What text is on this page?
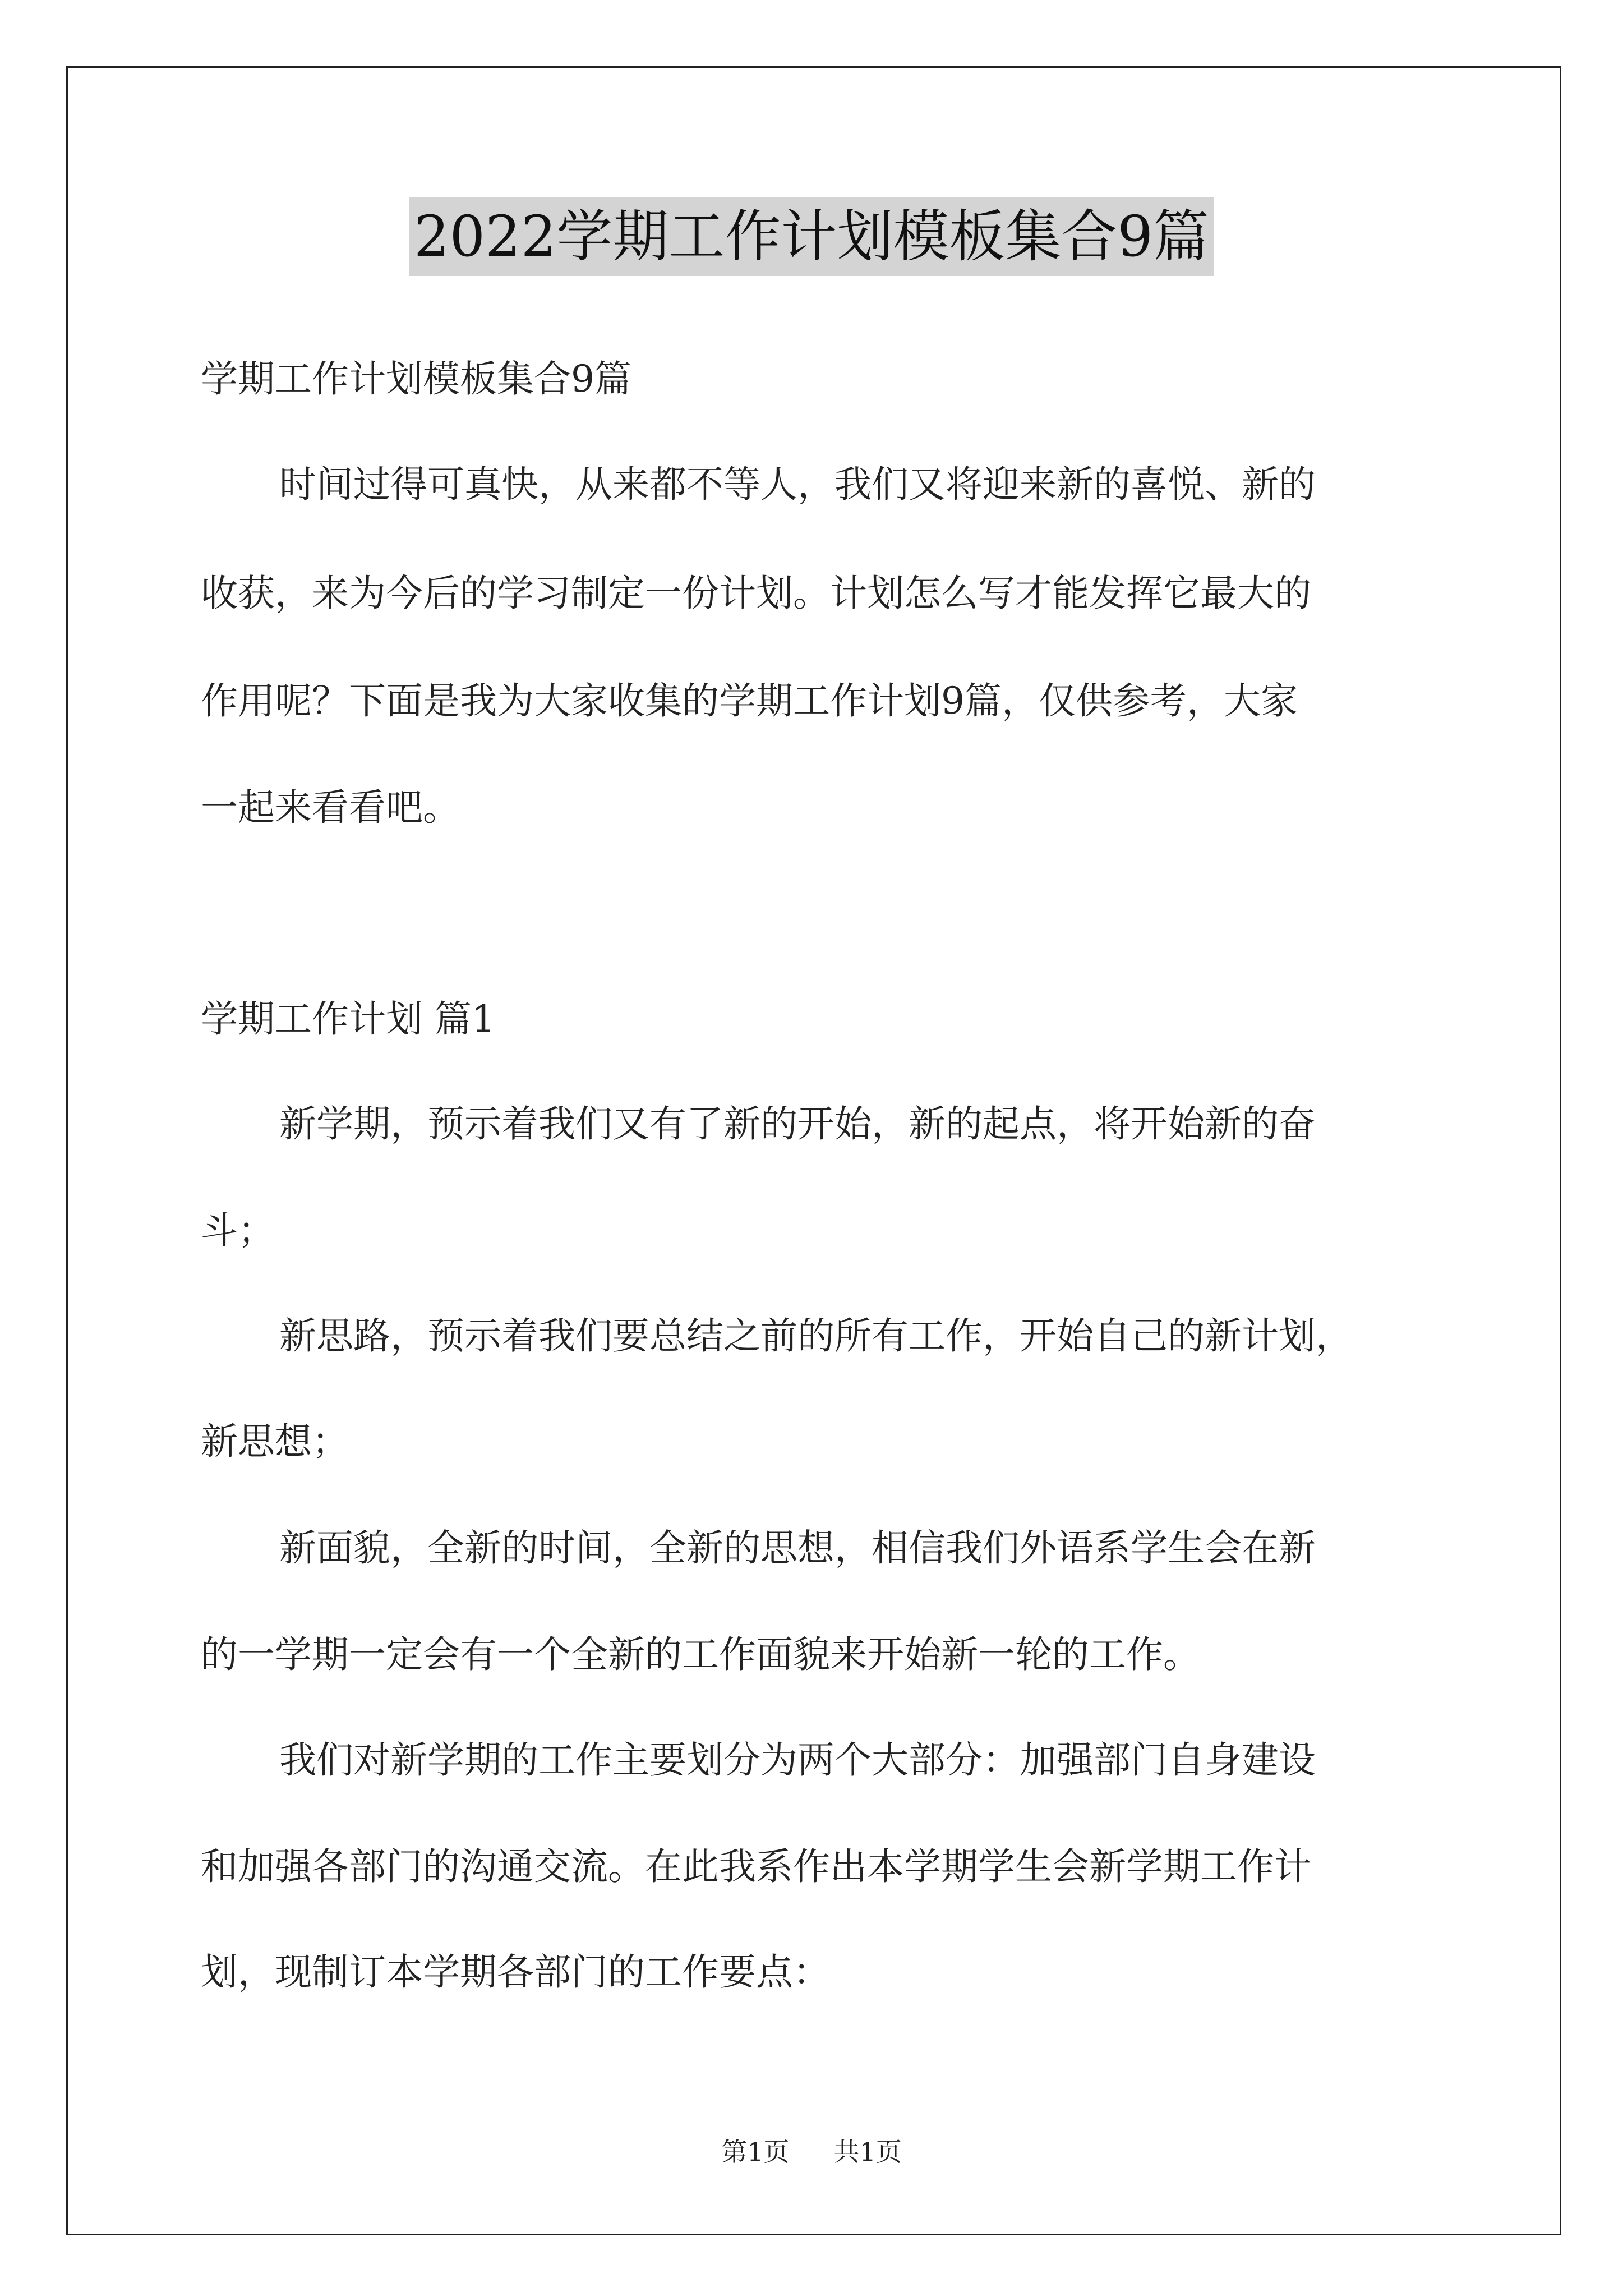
2022学期工作计划模板集合9篇
学期工作计划模板集合9篇
时间过得可真快，从来都不等人，我们又将迎来新的喜悦、新的
收获，来为今后的学习制定一份计划。计划怎么写才能发挥它最大的
作用呢？下面是我为大家收集的学期工作计划9篇，仅供参考，大家
一起来看看吧。
学期工作计划 篇1
新学期，预示着我们又有了新的开始，新的起点，将开始新的奋
斗；
新思路，预示着我们要总结之前的所有工作，开始自己的新计划，
新思想；
新面貌，全新的时间，全新的思想，相信我们外语系学生会在新
的一学期一定会有一个全新的工作面貌来开始新一轮的工作。
我们对新学期的工作主要划分为两个大部分：加强部门自身建设
和加强各部门的沟通交流。在此我系作出本学期学生会新学期工作计
划，现制订本学期各部门的工作要点：
第1页 共1页
